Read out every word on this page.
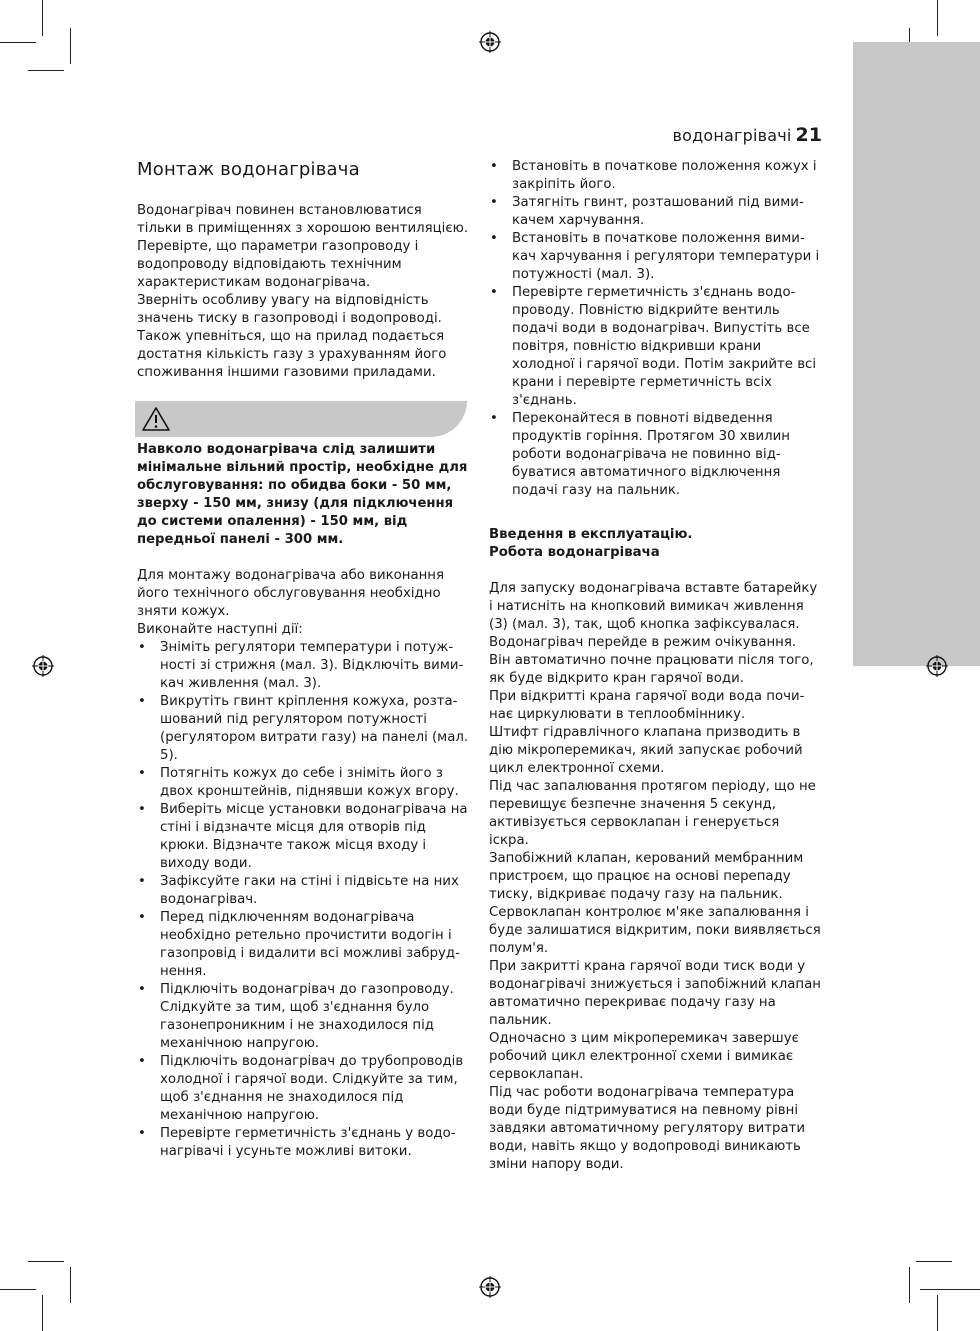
водонагрівачі 21
Монтаж водонагрівача

Водонагрівач повинен встановлюватися тільки в приміщеннях з хорошою вентиляцією.

Перевірте, що параметри газопроводу і водопроводу відповідають технічним характеристикам водонагрівача.

Зверніть особливу увагу на відповідність значень тиску в газопроводі і водопроводі.

Також упевніться, що на прилад подається достатня кількість газу з урахуванням його споживання іншими газовими приладами.

Навколо водонагрівача слід залишити мінімальне вільний простір, необхідне для обслуговування: по обидва боки - 50 мм, зверху - 150 мм, знизу (для підключення до системи опалення) - 150 мм, від передньої панелі - 300 мм.

Для монтажу водонагрівача або виконання його технічного обслуговування необхідно зняти кожух.

Виконайте наступні дії:

• Зніміть регулятори температури і потужності зі стрижня (мал. 3). Відключіть вимикач живлення (мал. 3).
• Викрутіть гвинт кріплення кожуха, розташований під регулятором потужності (регулятором витрати газу) на панелі (мал. 5).
• Потягніть кожух до себе і зніміть його з двох кронштейнів, піднявши кожух вгору.
• Виберіть місце установки водонагрівача на стіні і відзначте місця для отворів під крюки. Відзначте також місця входу і виходу води.
• Зафіксуйте гаки на стіні і підвісьте на них водонагрівач.
• Перед підключенням водонагрівача необхідно ретельно прочистити водогін і газопровід і видалити всі можливі забруднення.
• Підключіть водонагрівач до газопроводу. Слідкуйте за тим, щоб з'єднання було газонепроникним і не знаходилося під механічною напругою.
• Підключіть водонагрівач до трубопроводів холодної і гарячої води. Слідкуйте за тим, щоб з'єднання не знаходилося під механічною напругою.
• Перевірте герметичність з'єднань у водонагрівачі і усуньте можливі витоки.
• Встановіть в початкове положення кожух і закріпіть його.
• Затягніть гвинт, розташований під вимикачем харчування.
• Встановіть в початкове положення вимикач харчування і регулятори температури і потужності (мал. 3).
• Перевірте герметичність з'єднань водопроводу. Повністю відкрийте вентиль подачі води в водонагрівач. Випустіть все повітря, повністю відкривши крани холодної і гарячої води. Потім закрийте всі крани і перевірте герметичність всіх з'єднань.
• Переконайтеся в повноті відведення продуктів горіння. Протягом 30 хвилин роботи водонагрівача не повинно відбуватися автоматичного відключення подачі газу на пальник.

Введення в експлуатацію.

Робота водонагрівача

Для запуску водонагрівача вставте батарейку і натисніть на кнопковий вимикач живлення (3) (мал. 3), так, щоб кнопка зафіксувалася.

Водонагрівач перейде в режим очікування.

Він автоматично почне працювати після того, як буде відкрито кран гарячої води.

При відкритті крана гарячої води вода починає циркулювати в теплообміннику.

Штифт гідравлічного клапана призводить в дію мікроперемикач, який запускає робочий цикл електронної схеми.

Під час запалювання протягом періоду, що не перевищує безпечне значення 5 секунд, активізується сервоклапан і генерується іскра.

Запобіжний клапан, керований мембранним пристроєм, що працює на основі перепаду тиску, відкриває подачу газу на пальник.

Сервоклапан контролює м'яке запалювання і буде залишатися відкритим, поки виявляється полум'я.

При закритті крана гарячої води тиск води у водонагрівачі знижується і запобіжний клапан автоматично перекриває подачу газу на пальник.

Одночасно з цим мікроперемикач завершує робочий цикл електронної схеми і вимикає сервоклапан.

Під час роботи водонагрівача температура води буде підтримуватися на певному рівні завдяки автоматичному регулятору витрати води, навіть якщо у водопроводі виникають зміни напору води.
